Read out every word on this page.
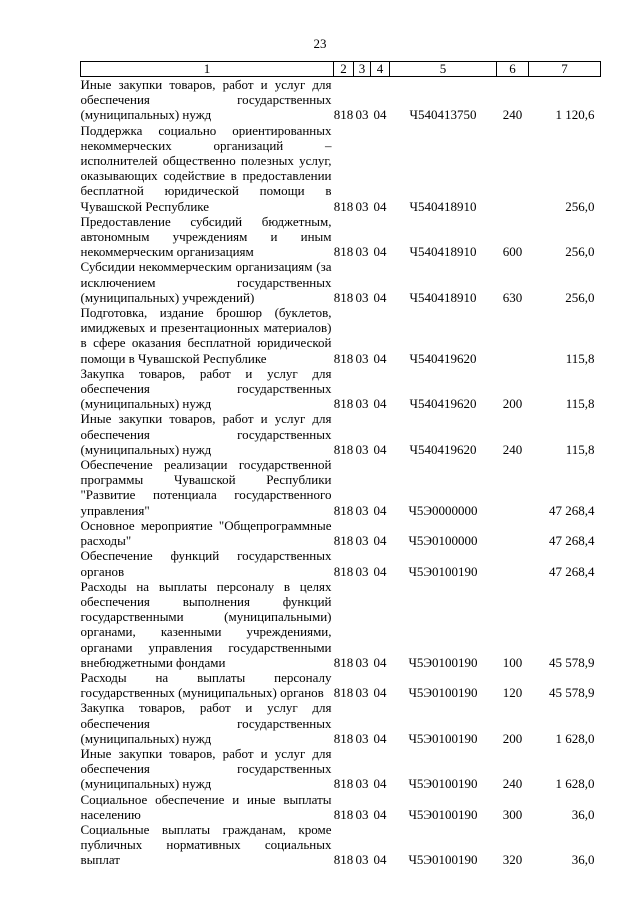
23
1	2	3	4	5	6	7
Иные закупки товаров, работ и услуг для обеспечения государственных (муниципальных) нужд	818	03	04	Ч540413750	240	1 120,6
Поддержка социально ориентированных некоммерческих организаций – исполнителей общественно полезных услуг, оказывающих содействие в предоставлении бесплатной юридической помощи в Чувашской Республике	818	03	04	Ч540418910		256,0
Предоставление субсидий бюджетным, автономным учреждениям и иным некоммерческим организациям	818	03	04	Ч540418910	600	256,0
Субсидии некоммерческим организациям (за исключением государственных (муниципальных) учреждений)	818	03	04	Ч540418910	630	256,0
Подготовка, издание брошюр (буклетов, имиджевых и презентационных материалов) в сфере оказания бесплатной юридической помощи в Чувашской Республике	818	03	04	Ч540419620		115,8
Закупка товаров, работ и услуг для обеспечения государственных (муниципальных) нужд	818	03	04	Ч540419620	200	115,8
Иные закупки товаров, работ и услуг для обеспечения государственных (муниципальных) нужд	818	03	04	Ч540419620	240	115,8
Обеспечение реализации государственной программы Чувашской Республики "Развитие потенциала государственного управления"	818	03	04	Ч5Э0000000		47 268,4
Основное мероприятие "Общепрограммные расходы"	818	03	04	Ч5Э0100000		47 268,4
Обеспечение функций государственных органов	818	03	04	Ч5Э0100190		47 268,4
Расходы на выплаты персоналу в целях обеспечения выполнения функций государственными (муниципальными) органами, казенными учреждениями, органами управления государственными внебюджетными фондами	818	03	04	Ч5Э0100190	100	45 578,9
Расходы на выплаты персоналу государственных (муниципальных) органов	818	03	04	Ч5Э0100190	120	45 578,9
Закупка товаров, работ и услуг для обеспечения государственных (муниципальных) нужд	818	03	04	Ч5Э0100190	200	1 628,0
Иные закупки товаров, работ и услуг для обеспечения государственных (муниципальных) нужд	818	03	04	Ч5Э0100190	240	1 628,0
Социальное обеспечение и иные выплаты населению	818	03	04	Ч5Э0100190	300	36,0
Социальные выплаты гражданам, кроме публичных нормативных социальных выплат	818	03	04	Ч5Э0100190	320	36,0
